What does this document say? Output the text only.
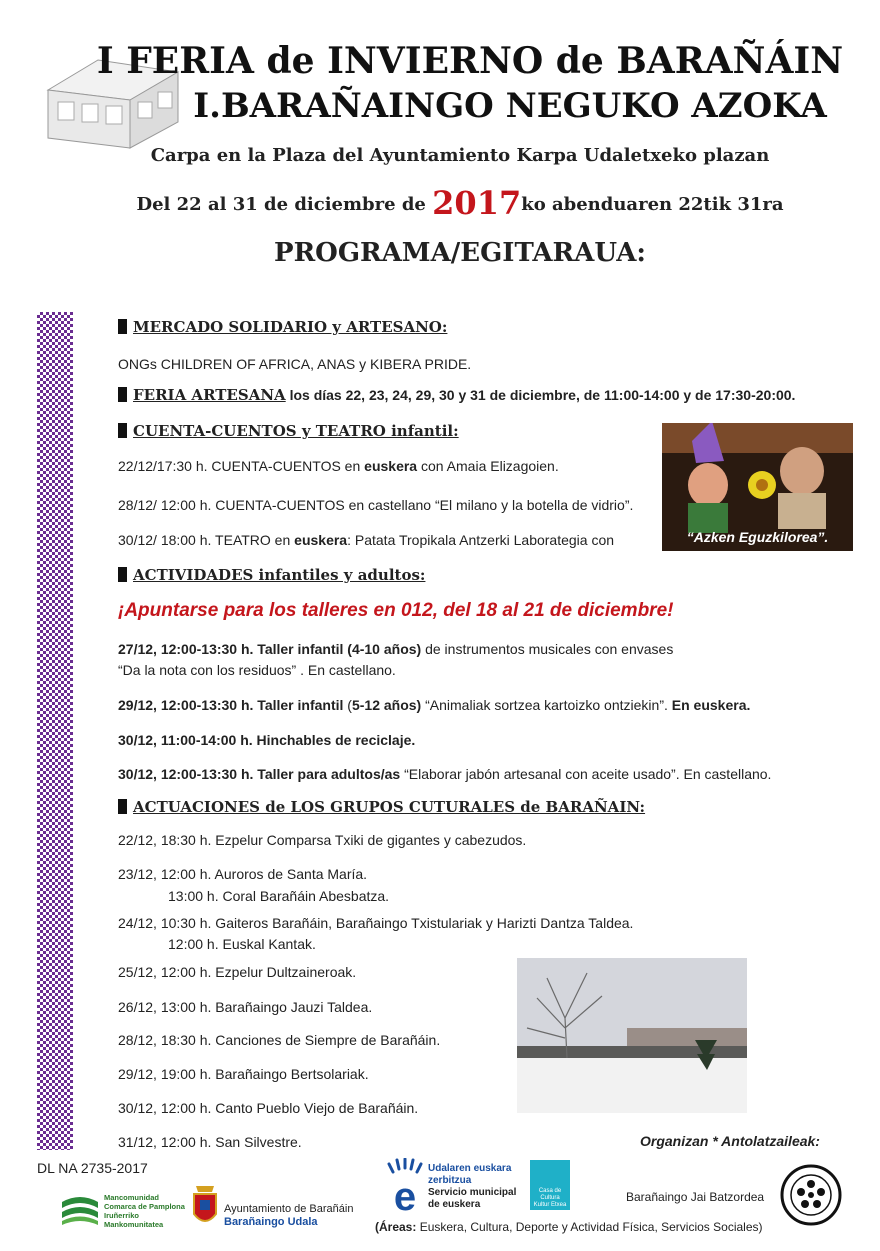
I FERIA de INVIERNO de BARAÑÁIN
I.BARAÑAINGO NEGUKO AZOKA
Carpa en la Plaza del Ayuntamiento Karpa Udaletxeko plazan
Del 22 al 31 de diciembre de 2017ko abenduaren 22tik 31ra
PROGRAMA/EGITARAUA:
MERCADO SOLIDARIO y ARTESANO:
ONGs CHILDREN OF AFRICA, ANAS y KIBERA PRIDE.
FERIA ARTESANA los días 22, 23, 24, 29, 30 y 31 de diciembre, de 11:00-14:00 y de 17:30-20:00.
CUENTA-CUENTOS y TEATRO infantil:
22/12/17:30 h. CUENTA-CUENTOS en euskera con Amaia Elizagoien.
28/12/ 12:00 h. CUENTA-CUENTOS en castellano “El milano y la botella de vidrio”.
30/12/ 18:00 h. TEATRO en euskera: Patata Tropikala Antzerki Laborategia con	“Azken Eguzkilorea”.
ACTIVIDADES infantiles y adultos:
¡Apuntarse para los talleres en 012, del 18 al 21 de diciembre!
27/12, 12:00-13:30 h. Taller infantil (4-10 años) de instrumentos musicales con envases
“Da la nota con los residuos” . En castellano.
29/12, 12:00-13:30 h. Taller infantil (5-12 años) “Animaliak sortzea kartoizko ontziekin”. En euskera.
30/12, 11:00-14:00 h. Hinchables de reciclaje.
30/12, 12:00-13:30 h. Taller para adultos/as “Elaborar jabón artesanal con aceite usado”. En castellano.
ACTUACIONES de LOS GRUPOS CUTURALES de BARAÑAIN:
22/12, 18:30 h. Ezpelur Comparsa Txiki de gigantes y cabezudos.
23/12, 12:00 h. Auroros de Santa María.
13:00 h. Coral Barañáin Abesbatza.
24/12, 10:30 h. Gaiteros Barañáin, Barañaingo Txistulariak y Harizti Dantza Taldea.
12:00 h. Euskal Kantak.
25/12, 12:00 h. Ezpelur Dultzaineroak.
26/12, 13:00 h. Barañaingo Jauzi Taldea.
28/12, 18:30 h. Canciones de Siempre de Barañáin.
29/12, 19:00 h. Barañaingo Bertsolariak.
30/12, 12:00 h. Canto Pueblo Viejo de Barañáin.
31/12, 12:00 h. San Silvestre.	Organizan * Antolatzaileak:
DL NA 2735-2017
Mancomunidad
Comarca de Pamplona
Iruñerriko
Mankomunitatea
Ayuntamiento de Barañáin
Barañaingo Udala
e
Udalaren euskara
zerbitzua
Servicio municipal
de euskera
Casa de Cultura Kultur Etxea
Barañaingo Jai Batzordea
(Áreas: Euskera, Cultura, Deporte y Actividad Física, Servicios Sociales)
